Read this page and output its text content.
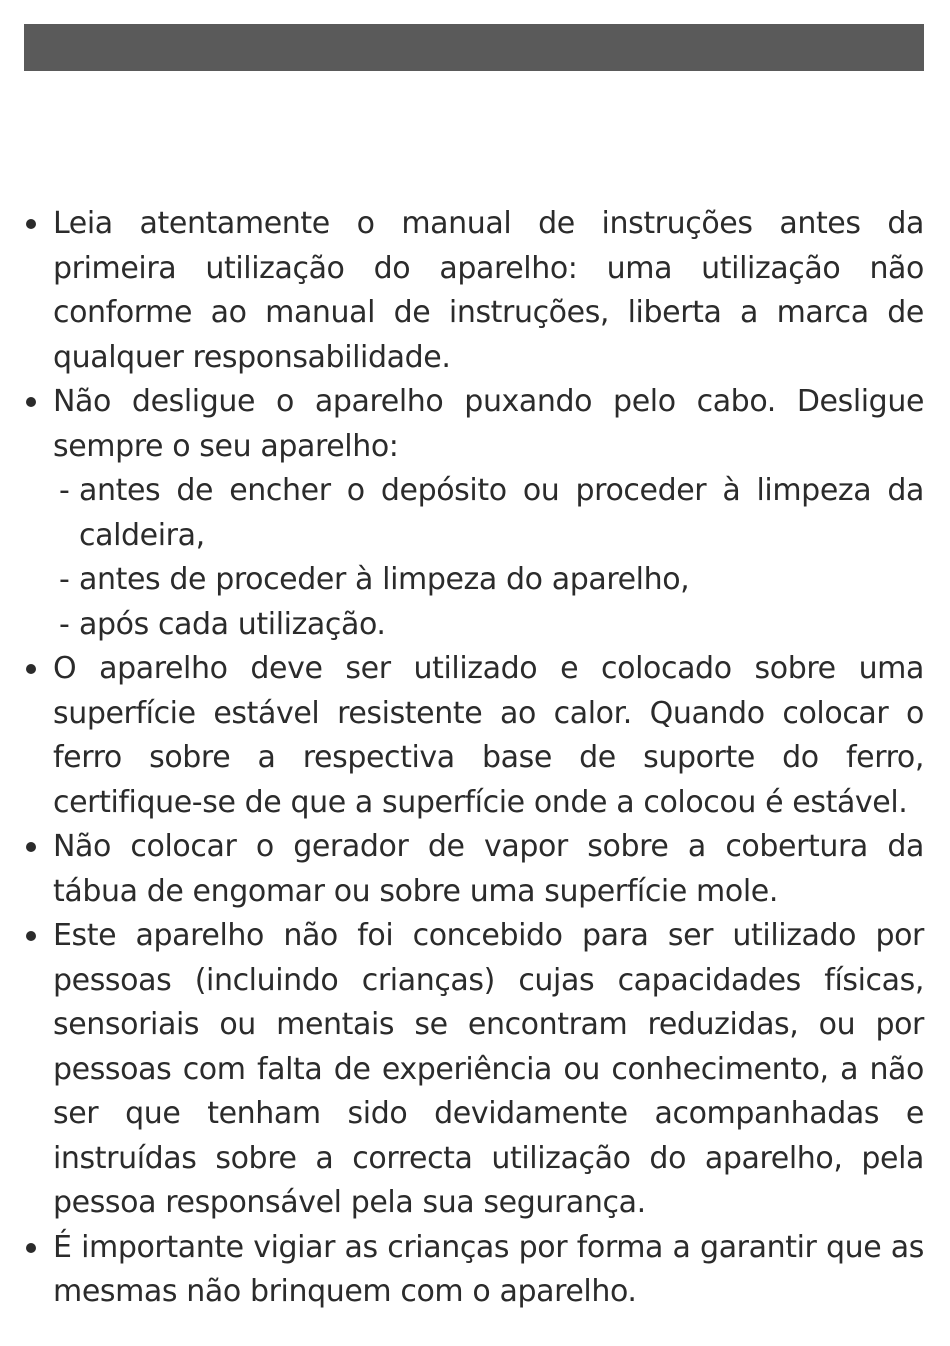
Leia atentamente o manual de instruções antes da primeira utilização do aparelho: uma utilização não conforme ao manual de instruções, liberta a marca de qualquer responsabilidade.
Não desligue o aparelho puxando pelo cabo. Desligue sempre o seu aparelho:
- antes de encher o depósito ou proceder à limpeza da caldeira,
- antes de proceder à limpeza do aparelho,
- após cada utilização.
O aparelho deve ser utilizado e colocado sobre uma superfície estável resistente ao calor. Quando colocar o ferro sobre a respectiva base de suporte do ferro, certifique-se de que a superfície onde a colocou é estável.
Não colocar o gerador de vapor sobre a cobertura da tábua de engomar ou sobre uma superfície mole.
Este aparelho não foi concebido para ser utilizado por pessoas (incluindo crianças) cujas capacidades físicas, sensoriais ou mentais se encontram reduzidas, ou por pessoas com falta de experiência ou conhecimento, a não ser que tenham sido devidamente acompanhadas e instruídas sobre a correcta utilização do aparelho, pela pessoa responsável pela sua segurança.
É importante vigiar as crianças por forma a garantir que as mesmas não brinquem com o aparelho.
